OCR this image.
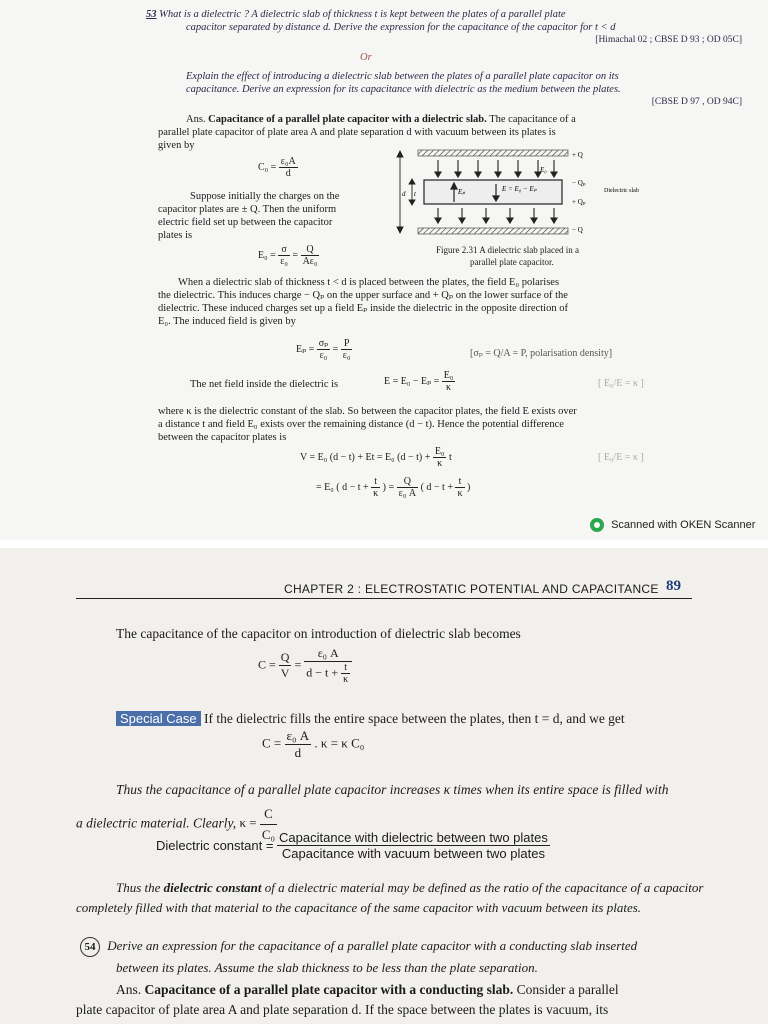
53 What is a dielectric ? A dielectric slab of thickness t is kept between the plates of a parallel plate
capacitor separated by distance d. Derive the expression for the capacitance of the capacitor for t < d
[Himachal 02 ; CBSE D 93 ; OD 05C]
Or
Explain the effect of introducing a dielectric slab between the plates of a parallel plate capacitor on its
capacitance. Derive an expression for its capacitance with dielectric as the medium between the plates.
[CBSE D 97 , OD 94C]
Ans. Capacitance of a parallel plate capacitor with a dielectric slab. The capacitance of a
parallel plate capacitor of plate area A and plate separation d with vacuum between its plates is
given by
$C_0 = \frac{\text{ε₀A}}{d}$
Suppose initially the charges on the
capacitor plates are ± Q. Then the uniform
electric field set up between the capacitor
plates is
$E_0 = \frac{\sigma}{\text{ε₀}} = \frac{Q}{\text{Aε₀}}$
d t	Eₚ	E = E₀ − Eₚ
E₀
+ Q
− Qₚ
+ Qₚ
− Q
Dielectric slab
Figure 2.31 A dielectric slab placed in a
parallel plate capacitor.
When a dielectric slab of thickness t < d is placed between the plates, the field E₀ polarises
the dielectric. This induces charge − Qₚ on the upper surface and + Qₚ on the lower surface of the
dielectric. These induced charges set up a field Eₚ inside the dielectric in the opposite direction of
E₀. The induced field is given by
$E_p = \frac{\text{σₚ}}{\text{ε₀}} = \frac{P}{\text{ε₀}}$	[σₚ = Q/A = P, polarisation density]
The net field inside the dielectric is	$E = E_0 - E_p = \frac{\text{E₀}}{\kappa}$	[ E₀/E = κ ]
where κ is the dielectric constant of the slab. So between the capacitor plates, the field E exists over
a distance t and field E₀ exists over the remaining distance (d − t). Hence the potential difference
between the capacitor plates is
V = E₀ (d − t) + Et = E₀ $(d - t) + \frac{\text{E₀}}{\kappa}$ t	[ E₀/E = κ ]
= E₀ ( $d - t + \frac{t}{\kappa}$ ) = $\frac{Q}{\text{ε₀ A}}$ ( $d - t + \frac{t}{\kappa}$ )
Scanned with OKEN Scanner
CHAPTER 2 : ELECTROSTATIC POTENTIAL AND CAPACITANCE 89
The capacitance of the capacitor on introduction of dielectric slab becomes
$C = \frac{Q}{V} = \frac{\text{ε₀ A}}{d - t + \frac{t}{\kappa}}$
Special Case If the dielectric fills the entire space between the plates, then t = d, and we get
$C = \frac{\text{ε₀ A}}{d}$ . κ = κ C₀
Thus the capacitance of a parallel plate capacitor increases κ times when its entire space is filled with
a dielectric material. Clearly, $\kappa = \frac{C}{\text{C₀}}$
Dielectric constant = $\frac{\text{Capacitance with dielectric between two plates}}{\text{Capacitance with vacuum between two plates}}$
Thus the dielectric constant of a dielectric material may be defined as the ratio of the capacitance of a capacitor
completely filled with that material to the capacitance of the same capacitor with vacuum between its plates.
54 Derive an expression for the capacitance of a parallel plate capacitor with a conducting slab inserted
between its plates. Assume the slab thickness to be less than the plate separation.
Ans. Capacitance of a parallel plate capacitor with a conducting slab. Consider a parallel
plate capacitor of plate area A and plate separation d. If the space between the plates is vacuum, its
